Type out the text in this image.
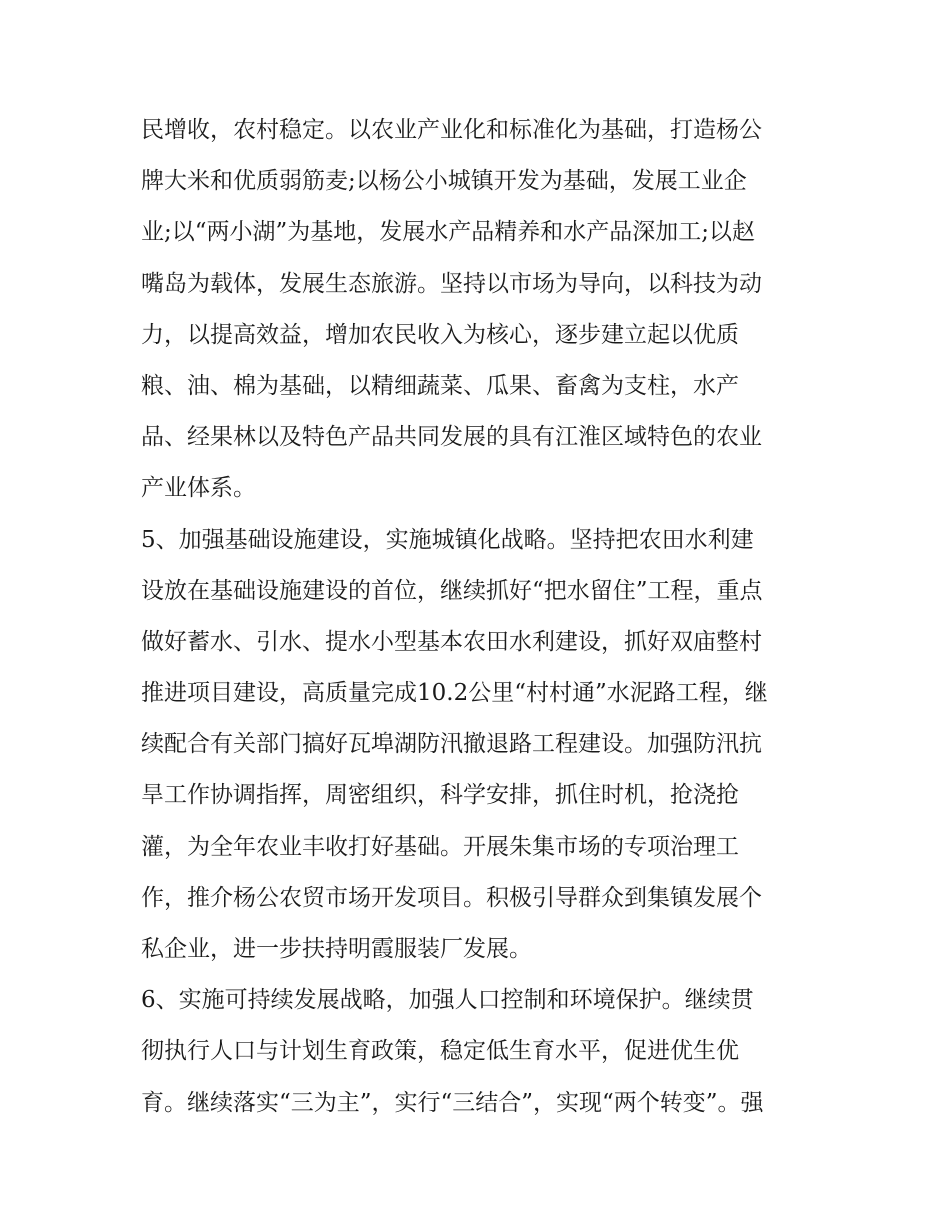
民增收，农村稳定。以农业产业化和标准化为基础，打造杨公
牌大米和优质弱筋麦;以杨公小城镇开发为基础，发展工业企
业;以“两小湖”为基地，发展水产品精养和水产品深加工;以赵
嘴岛为载体，发展生态旅游。坚持以市场为导向，以科技为动
力，以提高效益，增加农民收入为核心，逐步建立起以优质
粮、油、棉为基础，以精细蔬菜、瓜果、畜禽为支柱，水产
品、经果林以及特色产品共同发展的具有江淮区域特色的农业
产业体系。
5、加强基础设施建设，实施城镇化战略。坚持把农田水利建
设放在基础设施建设的首位，继续抓好“把水留住”工程，重点
做好蓄水、引水、提水小型基本农田水利建设，抓好双庙整村
推进项目建设，高质量完成10.2公里“村村通”水泥路工程，继
续配合有关部门搞好瓦埠湖防汛撤退路工程建设。加强防汛抗
旱工作协调指挥，周密组织，科学安排，抓住时机，抢浇抢
灌，为全年农业丰收打好基础。开展朱集市场的专项治理工
作，推介杨公农贸市场开发项目。积极引导群众到集镇发展个
私企业，进一步扶持明霞服装厂发展。
6、实施可持续发展战略，加强人口控制和环境保护。继续贯
彻执行人口与计划生育政策，稳定低生育水平，促进优生优
育。继续落实“三为主”，实行“三结合”，实现“两个转变”。强
